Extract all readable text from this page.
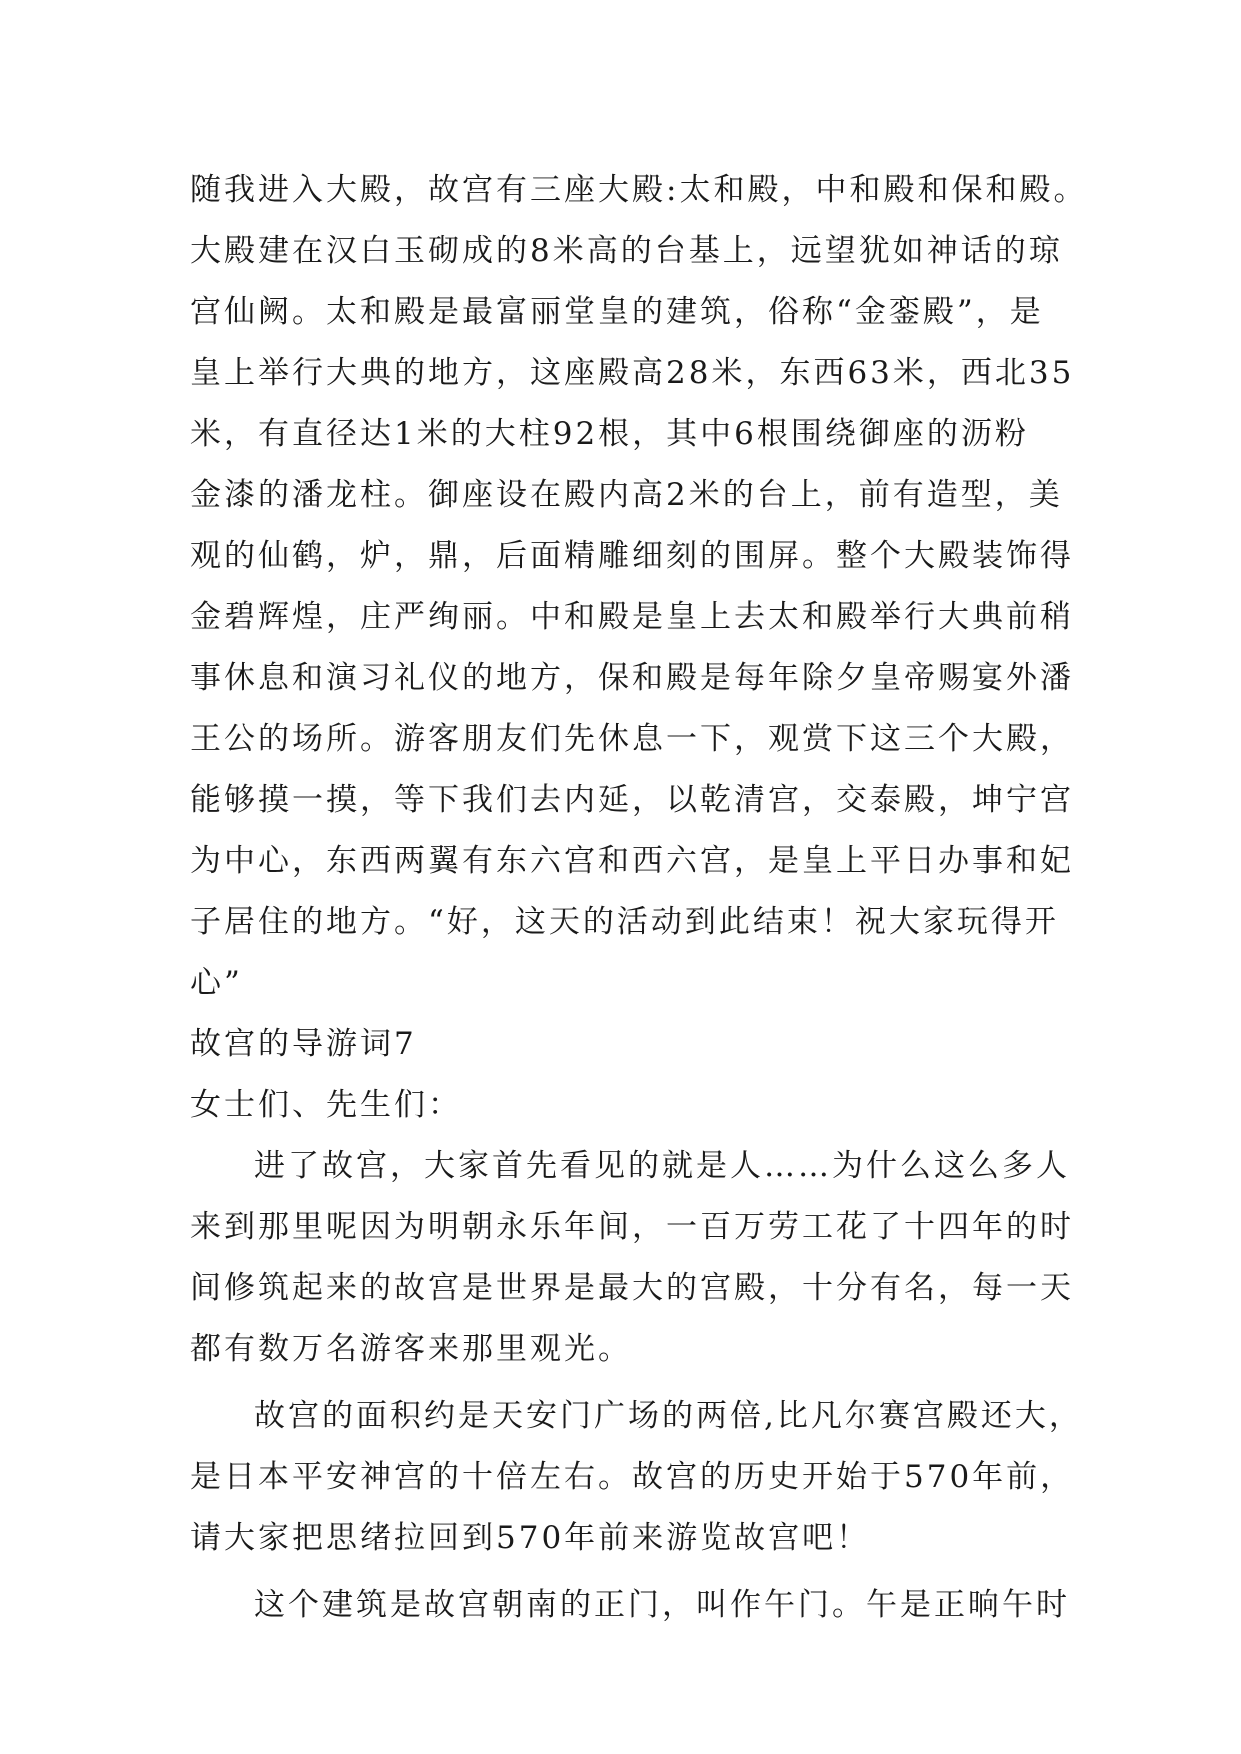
随我进入大殿，故宫有三座大殿:太和殿，中和殿和保和殿。
大殿建在汉白玉砌成的8米高的台基上，远望犹如神话的琼
宫仙阙。太和殿是最富丽堂皇的建筑，俗称“金銮殿”，是
皇上举行大典的地方，这座殿高28米，东西63米，西北35
米，有直径达1米的大柱92根，其中6根围绕御座的沥粉
金漆的潘龙柱。御座设在殿内高2米的台上，前有造型，美
观的仙鹤，炉，鼎，后面精雕细刻的围屏。整个大殿装饰得
金碧辉煌，庄严绚丽。中和殿是皇上去太和殿举行大典前稍
事休息和演习礼仪的地方，保和殿是每年除夕皇帝赐宴外潘
王公的场所。游客朋友们先休息一下，观赏下这三个大殿，
能够摸一摸，等下我们去内延，以乾清宫，交泰殿，坤宁宫
为中心，东西两翼有东六宫和西六宫，是皇上平日办事和妃
子居住的地方。“好，这天的活动到此结束！祝大家玩得开
心”
故宫的导游词7
女士们、先生们：
进了故宫，大家首先看见的就是人……为什么这么多人
来到那里呢因为明朝永乐年间，一百万劳工花了十四年的时
间修筑起来的故宫是世界是最大的宫殿，十分有名，每一天
都有数万名游客来那里观光。
故宫的面积约是天安门广场的两倍,比凡尔赛宫殿还大，
是日本平安神宫的十倍左右。故宫的历史开始于570年前，
请大家把思绪拉回到570年前来游览故宫吧！
这个建筑是故宫朝南的正门，叫作午门。午是正晌午时
